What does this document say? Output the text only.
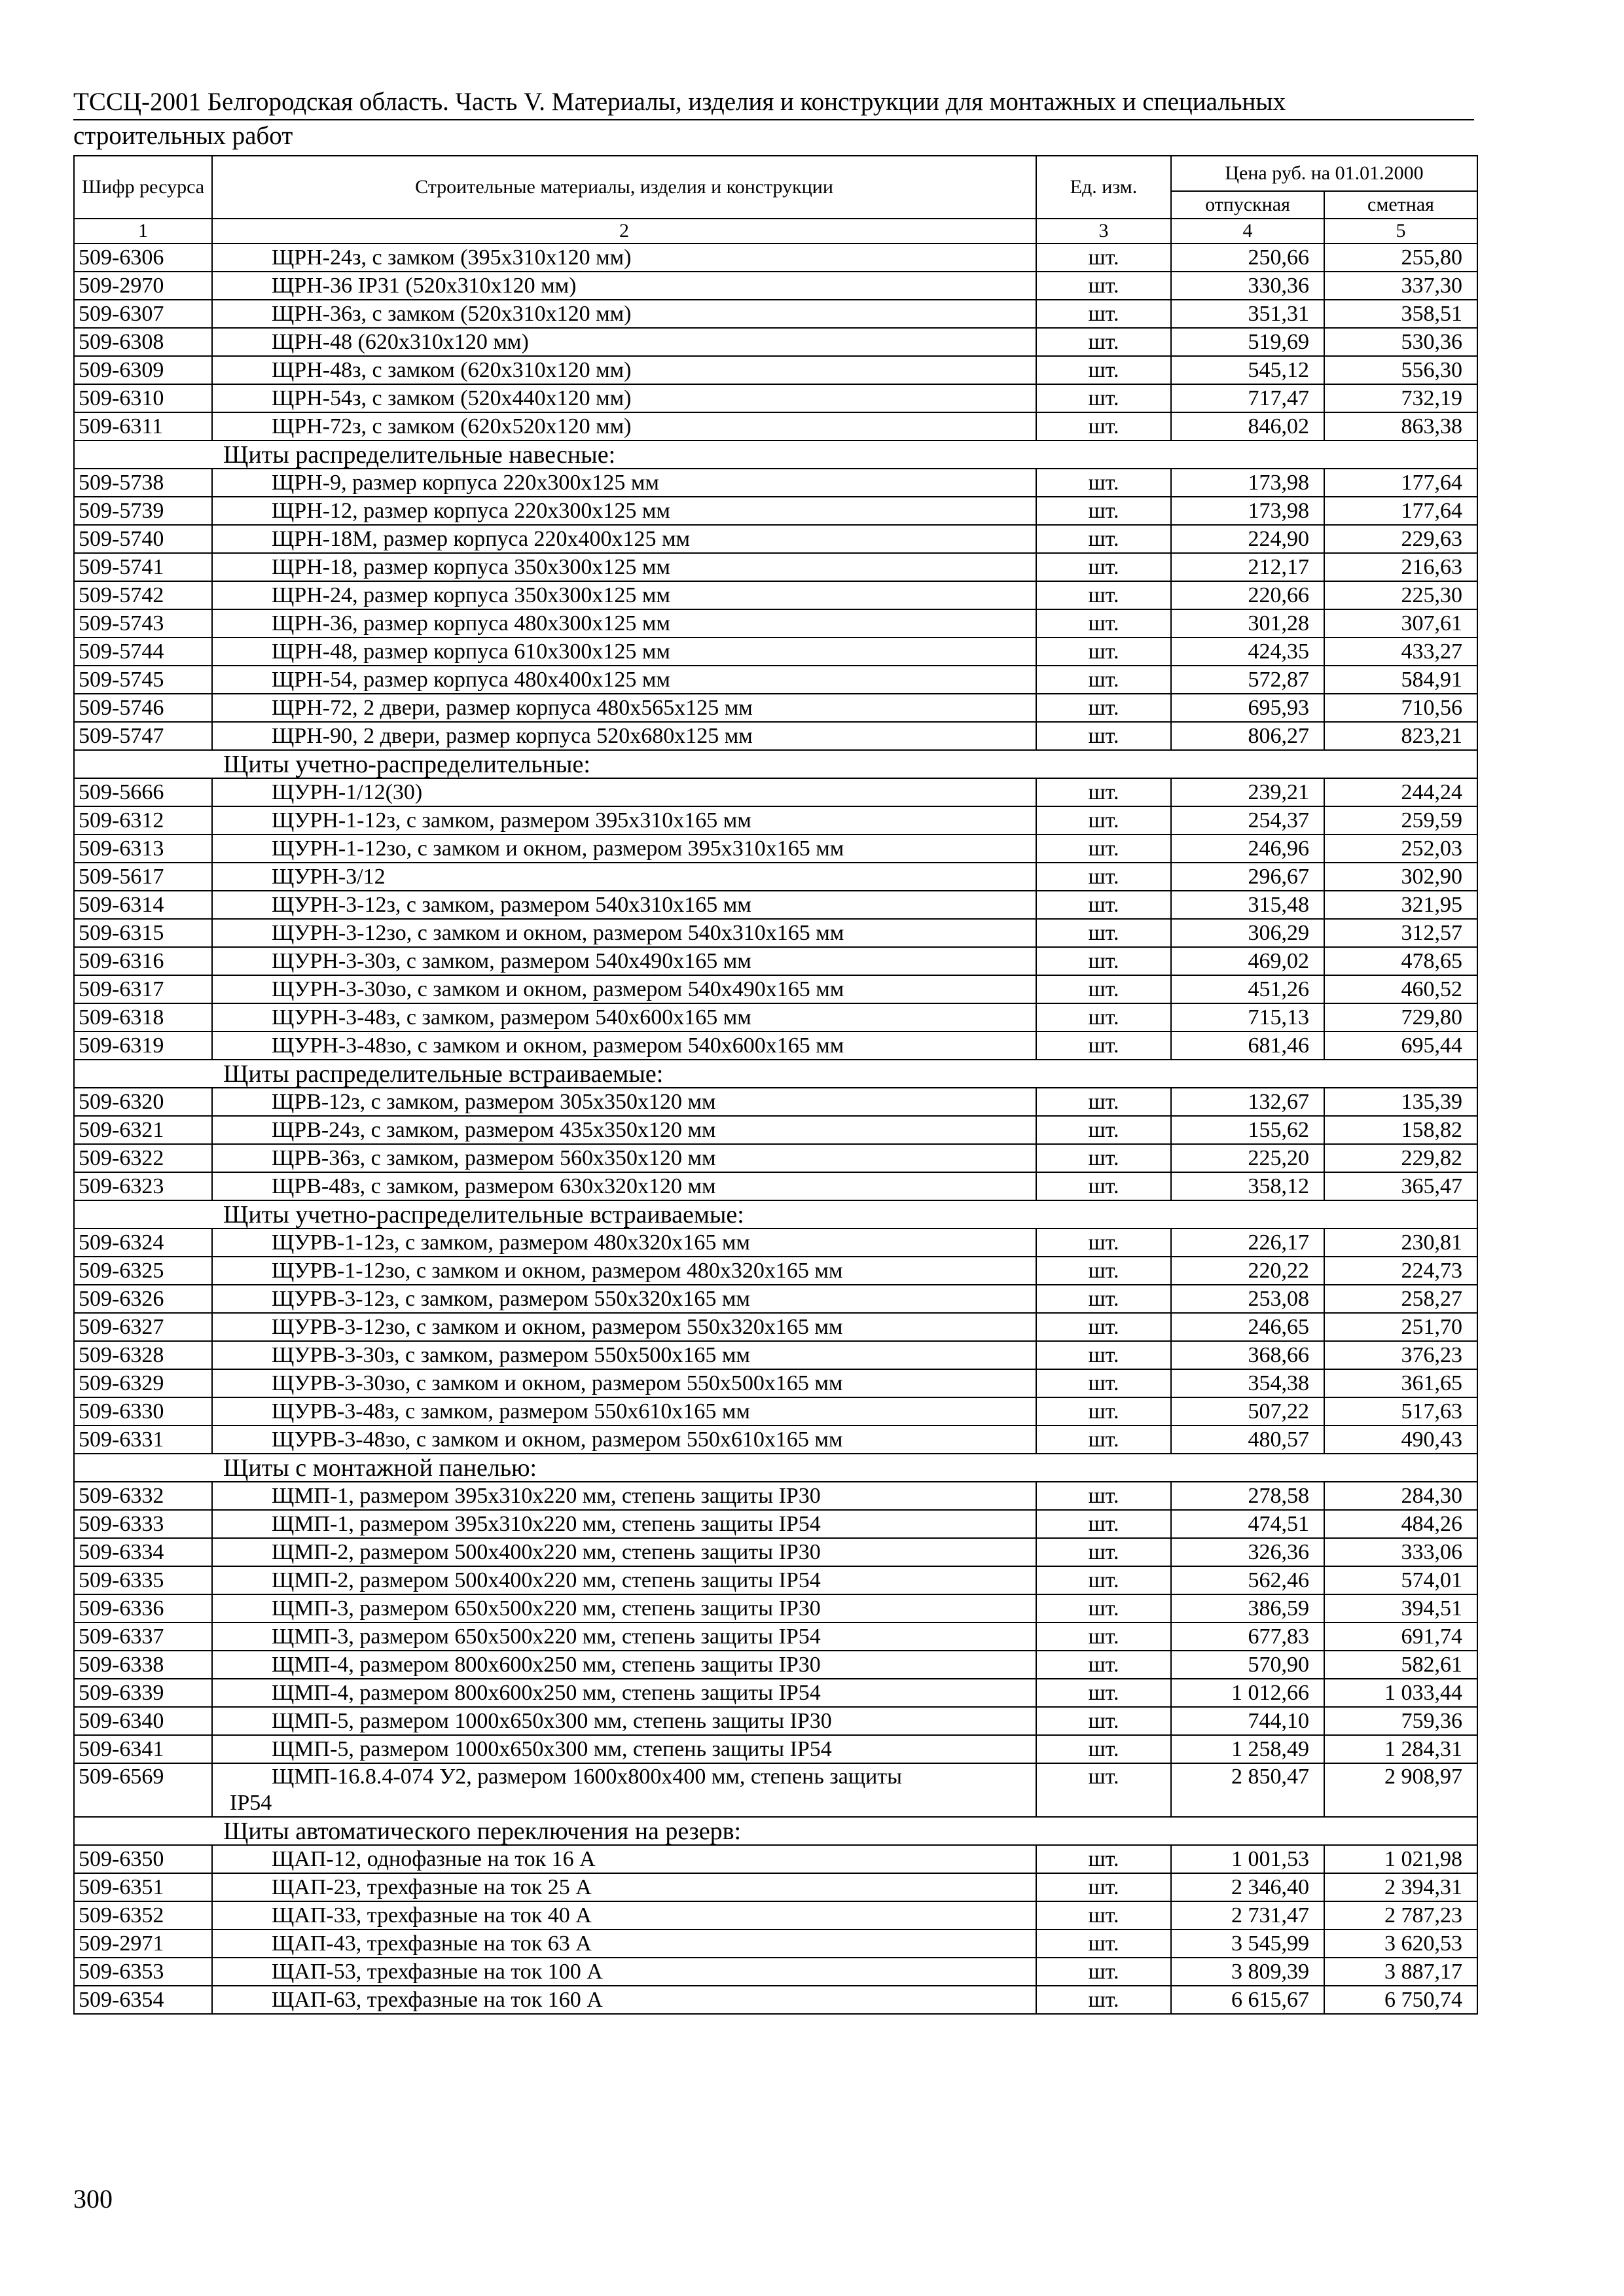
ТССЦ-2001 Белгородская область. Часть V. Материалы, изделия и конструкции для монтажных и специальных
строительных работ
Шифр ресурса	Строительные материалы, изделия и конструкции	Ед. изм.	Цена руб. на 01.01.2000	
			отпускная	сметная
1	2	3	4	5
509-6306	ЩРН-24з, с замком (395х310х120 мм)	шт.	250,66	255,80
509-2970	ЩРН-36 IP31 (520х310х120 мм)	шт.	330,36	337,30
509-6307	ЩРН-36з, с замком (520х310х120 мм)	шт.	351,31	358,51
509-6308	ЩРН-48 (620х310х120 мм)	шт.	519,69	530,36
509-6309	ЩРН-48з, с замком (620х310х120 мм)	шт.	545,12	556,30
509-6310	ЩРН-54з, с замком (520х440х120 мм)	шт.	717,47	732,19
509-6311	ЩРН-72з, с замком (620х520х120 мм)	шт.	846,02	863,38
Щиты распределительные навесные:				
509-5738	ЩРН-9, размер корпуса 220х300х125 мм	шт.	173,98	177,64
509-5739	ЩРН-12, размер корпуса 220х300х125 мм	шт.	173,98	177,64
509-5740	ЩРН-18М, размер корпуса 220х400х125 мм	шт.	224,90	229,63
509-5741	ЩРН-18, размер корпуса 350х300х125 мм	шт.	212,17	216,63
509-5742	ЩРН-24, размер корпуса 350х300х125 мм	шт.	220,66	225,30
509-5743	ЩРН-36, размер корпуса 480х300х125 мм	шт.	301,28	307,61
509-5744	ЩРН-48, размер корпуса 610х300х125 мм	шт.	424,35	433,27
509-5745	ЩРН-54, размер корпуса 480х400х125 мм	шт.	572,87	584,91
509-5746	ЩРН-72, 2 двери, размер корпуса 480х565х125 мм	шт.	695,93	710,56
509-5747	ЩРН-90, 2 двери, размер корпуса 520х680х125 мм	шт.	806,27	823,21
Щиты учетно-распределительные:				
509-5666	ЩУРН-1/12(30)	шт.	239,21	244,24
509-6312	ЩУРН-1-12з, с замком, размером 395х310х165 мм	шт.	254,37	259,59
509-6313	ЩУРН-1-12зо, с замком и окном, размером 395х310х165 мм	шт.	246,96	252,03
509-5617	ЩУРН-3/12	шт.	296,67	302,90
509-6314	ЩУРН-3-12з, с замком, размером 540х310х165 мм	шт.	315,48	321,95
509-6315	ЩУРН-3-12зо, с замком и окном, размером 540х310х165 мм	шт.	306,29	312,57
509-6316	ЩУРН-3-30з, с замком, размером 540х490х165 мм	шт.	469,02	478,65
509-6317	ЩУРН-3-30зо, с замком и окном, размером 540х490х165 мм	шт.	451,26	460,52
509-6318	ЩУРН-3-48з, с замком, размером 540х600х165 мм	шт.	715,13	729,80
509-6319	ЩУРН-3-48зо, с замком и окном, размером 540х600х165 мм	шт.	681,46	695,44
Щиты распределительные встраиваемые:				
509-6320	ЩРВ-12з, с замком, размером 305х350х120 мм	шт.	132,67	135,39
509-6321	ЩРВ-24з, с замком, размером 435х350х120 мм	шт.	155,62	158,82
509-6322	ЩРВ-36з, с замком, размером 560х350х120 мм	шт.	225,20	229,82
509-6323	ЩРВ-48з, с замком, размером 630х320х120 мм	шт.	358,12	365,47
Щиты учетно-распределительные встраиваемые:				
509-6324	ЩУРВ-1-12з, с замком, размером 480х320х165 мм	шт.	226,17	230,81
509-6325	ЩУРВ-1-12зо, с замком и окном, размером 480х320х165 мм	шт.	220,22	224,73
509-6326	ЩУРВ-3-12з, с замком, размером 550х320х165 мм	шт.	253,08	258,27
509-6327	ЩУРВ-3-12зо, с замком и окном, размером 550х320х165 мм	шт.	246,65	251,70
509-6328	ЩУРВ-3-30з, с замком, размером 550х500х165 мм	шт.	368,66	376,23
509-6329	ЩУРВ-3-30зо, с замком и окном, размером 550х500х165 мм	шт.	354,38	361,65
509-6330	ЩУРВ-3-48з, с замком, размером 550х610х165 мм	шт.	507,22	517,63
509-6331	ЩУРВ-3-48зо, с замком и окном, размером 550х610х165 мм	шт.	480,57	490,43
Щиты с монтажной панелью:				
509-6332	ЩМП-1, размером 395х310х220 мм, степень защиты IP30	шт.	278,58	284,30
509-6333	ЩМП-1, размером 395х310х220 мм, степень защиты IP54	шт.	474,51	484,26
509-6334	ЩМП-2, размером 500х400х220 мм, степень защиты IP30	шт.	326,36	333,06
509-6335	ЩМП-2, размером 500х400х220 мм, степень защиты IP54	шт.	562,46	574,01
509-6336	ЩМП-3, размером 650х500х220 мм, степень защиты IP30	шт.	386,59	394,51
509-6337	ЩМП-3, размером 650х500х220 мм, степень защиты IP54	шт.	677,83	691,74
509-6338	ЩМП-4, размером 800х600х250 мм, степень защиты IP30	шт.	570,90	582,61
509-6339	ЩМП-4, размером 800х600х250 мм, степень защиты IP54	шт.	1 012,66	1 033,44
509-6340	ЩМП-5, размером 1000х650х300 мм, степень защиты IP30	шт.	744,10	759,36
509-6341	ЩМП-5, размером 1000х650х300 мм, степень защиты IP54	шт.	1 258,49	1 284,31
509-6569	ЩМП-16.8.4-074 У2, размером 1600х800х400 мм, степень защиты
IP54	шт.	2 850,47	2 908,97
Щиты автоматического переключения на резерв:				
509-6350	ЩАП-12, однофазные на ток 16 А	шт.	1 001,53	1 021,98
509-6351	ЩАП-23, трехфазные на ток 25 А	шт.	2 346,40	2 394,31
509-6352	ЩАП-33, трехфазные на ток 40 А	шт.	2 731,47	2 787,23
509-2971	ЩАП-43, трехфазные на ток 63 А	шт.	3 545,99	3 620,53
509-6353	ЩАП-53, трехфазные на ток 100 А	шт.	3 809,39	3 887,17
509-6354	ЩАП-63, трехфазные на ток 160 А	шт.	6 615,67	6 750,74
300
